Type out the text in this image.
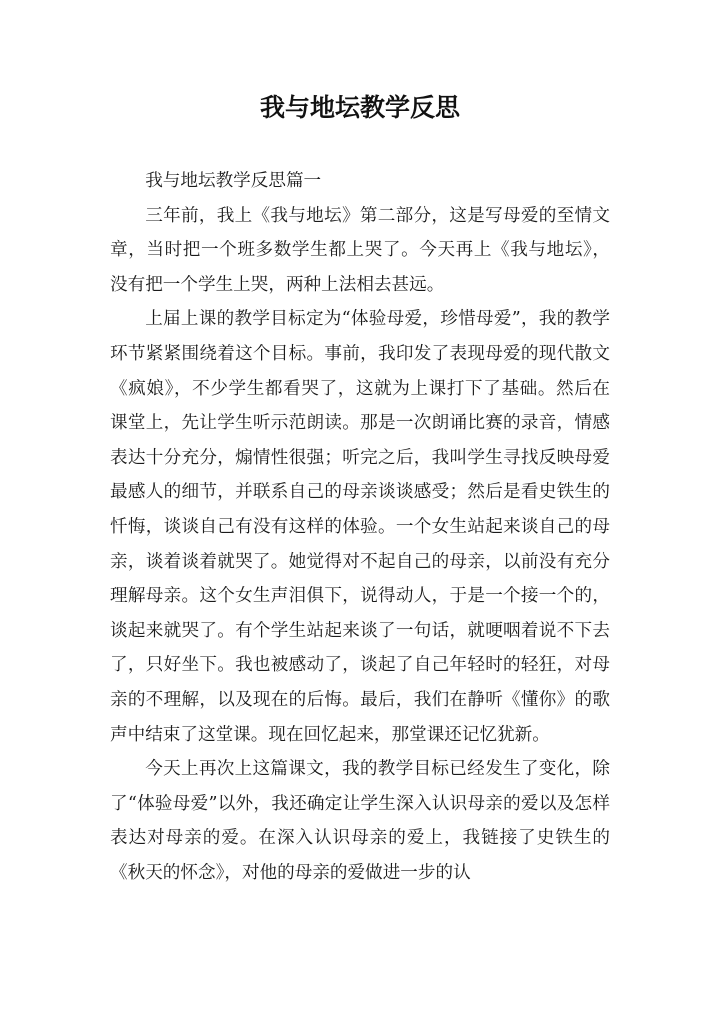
我与地坛教学反思

我与地坛教学反思篇一

三年前，我上《我与地坛》第二部分，这是写母爱的至情文章，当时把一个班多数学生都上哭了。今天再上《我与地坛》，没有把一个学生上哭，两种上法相去甚远。

上届上课的教学目标定为“体验母爱，珍惜母爱”，我的教学环节紧紧围绕着这个目标。事前，我印发了表现母爱的现代散文《疯娘》，不少学生都看哭了，这就为上课打下了基础。然后在课堂上，先让学生听示范朗读。那是一次朗诵比赛的录音，情感表达十分充分，煽情性很强；听完之后，我叫学生寻找反映母爱最感人的细节，并联系自己的母亲谈谈感受；然后是看史铁生的忏悔，谈谈自己有没有这样的体验。一个女生站起来谈自己的母亲，谈着谈着就哭了。她觉得对不起自己的母亲，以前没有充分理解母亲。这个女生声泪俱下，说得动人，于是一个接一个的，谈起来就哭了。有个学生站起来谈了一句话，就哽咽着说不下去了，只好坐下。我也被感动了，谈起了自己年轻时的轻狂，对母亲的不理解，以及现在的后悔。最后，我们在静听《懂你》的歌声中结束了这堂课。现在回忆起来，那堂课还记忆犹新。

今天上再次上这篇课文，我的教学目标已经发生了变化，除了“体验母爱”以外，我还确定让学生深入认识母亲的爱以及怎样表达对母亲的爱。在深入认识母亲的爱上，我链接了史铁生的《秋天的怀念》，对他的母亲的爱做进一步的认
